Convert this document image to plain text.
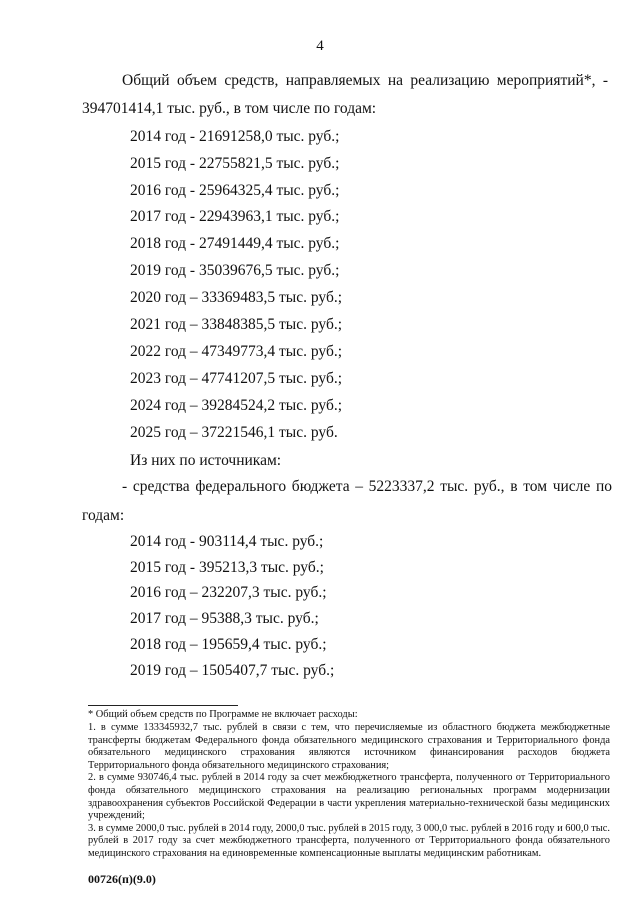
4
Общий объем средств, направляемых на реализацию мероприятий*, -
394701414,1 тыс. руб., в том числе по годам:
2014 год - 21691258,0 тыс. руб.;
2015 год - 22755821,5 тыс. руб.;
2016 год - 25964325,4 тыс. руб.;
2017 год - 22943963,1 тыс. руб.;
2018 год - 27491449,4 тыс. руб.;
2019 год - 35039676,5 тыс. руб.;
2020 год – 33369483,5 тыс. руб.;
2021 год – 33848385,5 тыс. руб.;
2022 год – 47349773,4 тыс. руб.;
2023 год – 47741207,5 тыс. руб.;
2024 год – 39284524,2 тыс. руб.;
2025 год – 37221546,1 тыс. руб.
Из них по источникам:
- средства федерального бюджета – 5223337,2 тыс. руб., в том числе по
годам:
2014 год - 903114,4 тыс. руб.;
2015 год - 395213,3 тыс. руб.;
2016 год – 232207,3 тыс. руб.;
2017 год – 95388,3 тыс. руб.;
2018 год – 195659,4 тыс. руб.;
2019 год – 1505407,7 тыс. руб.;
* Общий объем средств по Программе не включает расходы:

1. в сумме 133345932,7 тыс. рублей в связи с тем, что перечисляемые из областного бюджета межбюджетные трансферты бюджетам Федерального фонда обязательного медицинского страхования и Территориального фонда обязательного медицинского страхования являются источником финансирования расходов бюджета Территориального фонда обязательного медицинского страхования;

2. в сумме 930746,4 тыс. рублей в 2014 году за счет межбюджетного трансферта, полученного от Территориального фонда обязательного медицинского страхования на реализацию региональных программ модернизации здравоохранения субъектов Российской Федерации в части укрепления материально-технической базы медицинских учреждений;

3. в сумме 2000,0 тыс. рублей в 2014 году, 2000,0 тыс. рублей в 2015 году, 3 000,0 тыс. рублей в 2016 году и 600,0 тыс. рублей в 2017 году за счет межбюджетного трансферта, полученного от Территориального фонда обязательного медицинского страхования на единовременные компенсационные выплаты медицинским работникам.

00726(п)(9.0)
